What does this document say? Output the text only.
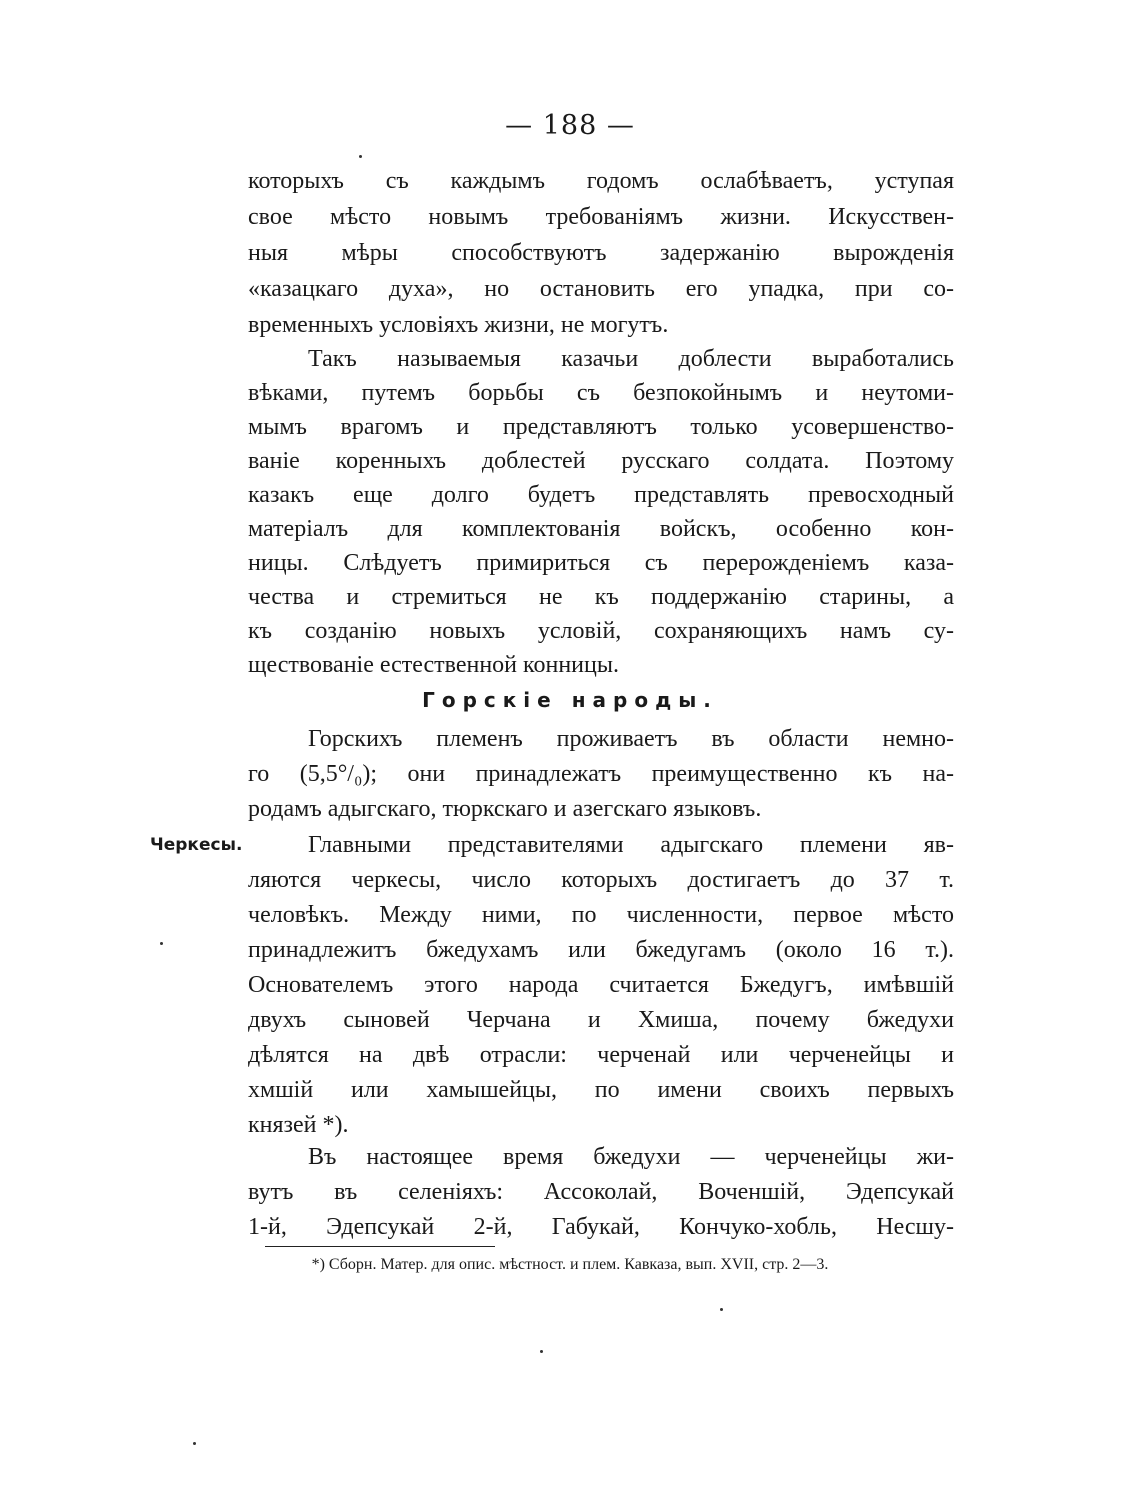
— 188 —
которыхъ съ каждымъ годомъ ослабѣваетъ, уступая
свое мѣсто новымъ требованіямъ жизни. Искусствен-
ныя мѣры способствуютъ задержанію вырожденія
«казацкаго духа», но остановить его упадка, при со-
временныхъ условіяхъ жизни, не могутъ.
Такъ называемыя казачьи доблести выработались
вѣками, путемъ борьбы съ безпокойнымъ и неутоми-
мымъ врагомъ и представляютъ только усовершенство-
ваніе коренныхъ доблестей русскаго солдата. Поэтому
казакъ еще долго будетъ представлять превосходный
матеріалъ для комплектованія войскъ, особенно кон-
ницы. Слѣдуетъ примириться съ перерожденіемъ каза-
чества и стремиться не къ поддержанію старины, а
къ созданію новыхъ условій, сохраняющихъ намъ су-
ществованіе естественной конницы.
Горскіе народы.
Горскихъ племенъ проживаетъ въ области немно-
го (5,5°/₀); они принадлежатъ преимущественно къ на-
родамъ адыгскаго, тюркскаго и азегскаго языковъ.
Черкесы.	Главными представителями адыгскаго племени яв-
ляются черкесы, число которыхъ достигаетъ до 37 т.
человѣкъ. Между ними, по численности, первое мѣсто
принадлежитъ бжедухамъ или бжедугамъ (около 16 т.).
Основателемъ этого народа считается Бжедугъ, имѣвшій
двухъ сыновей Черчана и Хмиша, почему бжедухи
дѣлятся на двѣ отрасли: черченай или черченейцы и
хмшій или хамышейцы, по имени своихъ первыхъ
князей *).
Въ настоящее время бжедухи — черченейцы жи-
вутъ въ селеніяхъ: Ассоколай, Воченшій, Эдепсукай
1-й, Эдепсукай 2-й, Габукай, Кончуко-хобль, Несшу-
*) Сборн. Матер. для опис. мѣстност. и плем. Кавказа, вып. XVII, стр. 2—3.
